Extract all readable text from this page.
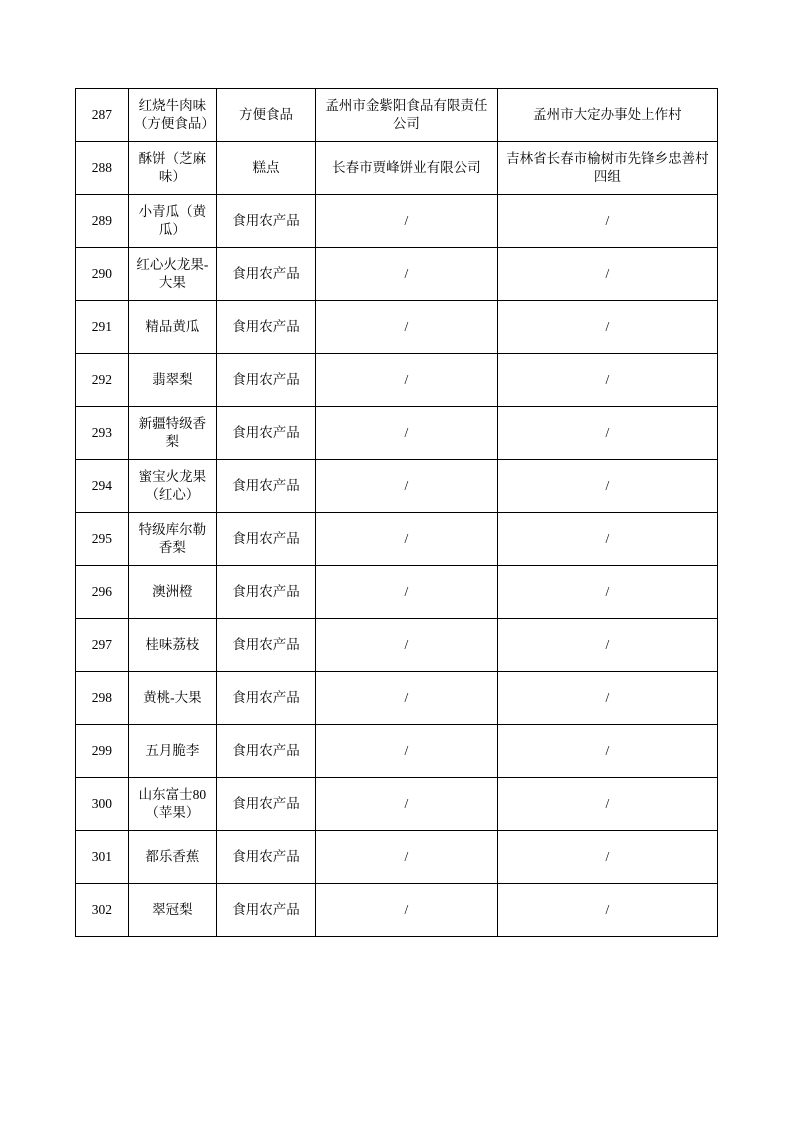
287	红烧牛肉味（方便食品）	方便食品	孟州市金紫阳食品有限责任公司	孟州市大定办事处上作村
288	酥饼（芝麻味）	糕点	长春市贾峰饼业有限公司	吉林省长春市榆树市先锋乡忠善村四组
289	小青瓜（黄瓜）	食用农产品	/	/
290	红心火龙果-大果	食用农产品	/	/
291	精品黄瓜	食用农产品	/	/
292	翡翠梨	食用农产品	/	/
293	新疆特级香梨	食用农产品	/	/
294	蜜宝火龙果（红心）	食用农产品	/	/
295	特级库尔勒香梨	食用农产品	/	/
296	澳洲橙	食用农产品	/	/
297	桂味荔枝	食用农产品	/	/
298	黄桃-大果	食用农产品	/	/
299	五月脆李	食用农产品	/	/
300	山东富士80（苹果）	食用农产品	/	/
301	都乐香蕉	食用农产品	/	/
302	翠冠梨	食用农产品	/	/
